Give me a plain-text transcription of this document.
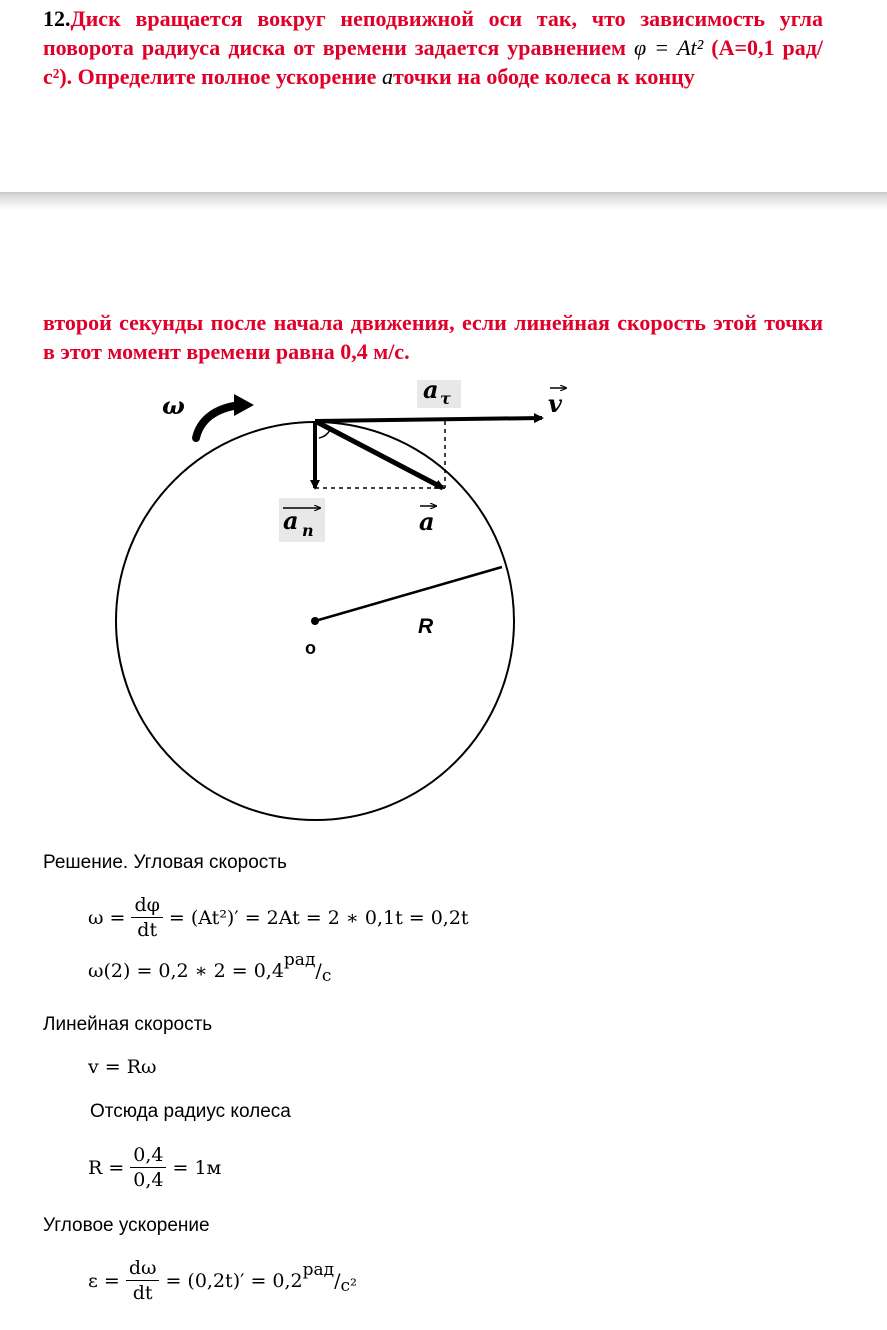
12.Диск вращается вокруг неподвижной оси так, что зависимость угла поворота радиуса диска от времени задается уравнением φ = At² (A=0,1 рад/с²). Определите полное ускорение aточки на ободе колеса к концу
второй секунды после начала движения, если линейная скорость этой точки в этот момент времени равна 0,4 м/с.
ω
a τ	v
a n	a
R
o
Решение. Угловая скорость
$\omega = \frac{d\varphi}{dt} = (At^2)' = 2At = 2$ ∗ 0,1t = 0,2t
ω(2) = 0,2 ∗ 2 = 0,4 рад / с
Линейная скорость
v = Rω
Отсюда радиус колеса
$R = \frac{0,4}{0,4} = 1м$
Угловое ускорение
$\varepsilon = \frac{d\omega}{dt} = (0,2t)' = 0,2$ рад / с²
